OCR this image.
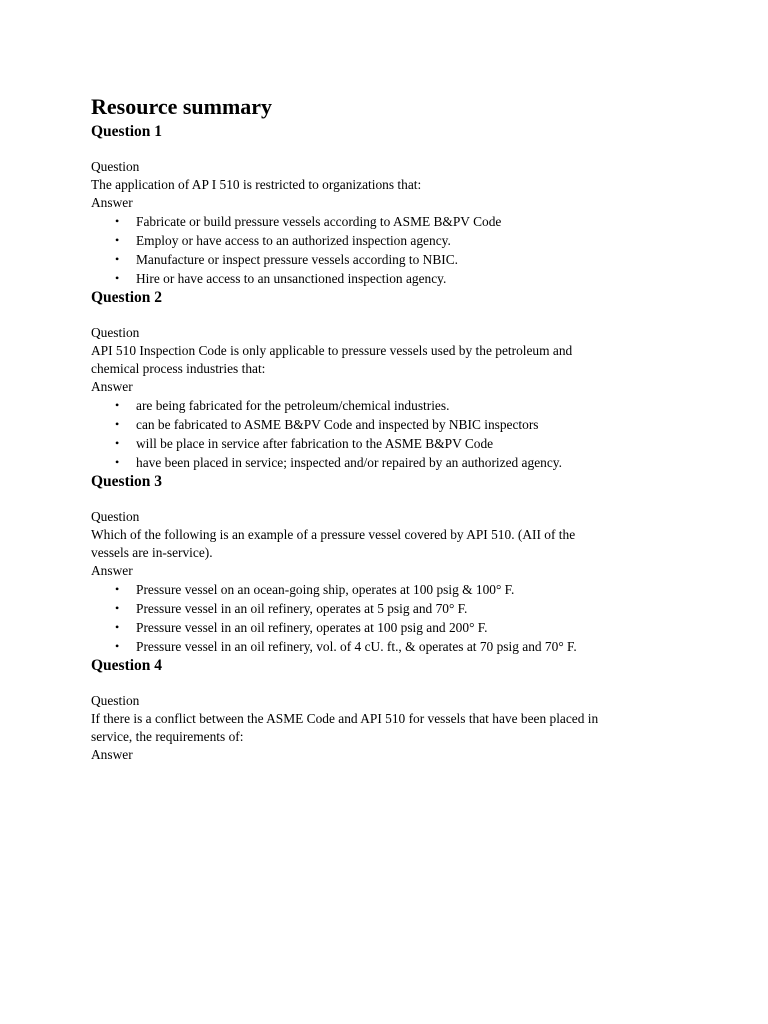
Resource summary
Question 1

Question

The application of AP I 510 is restricted to organizations that:

Answer

• Fabricate or build pressure vessels according to ASME B&PV Code
• Employ or have access to an authorized inspection agency.
• Manufacture or inspect pressure vessels according to NBIC.
• Hire or have access to an unsanctioned inspection agency.
Question 2

Question

API 510 Inspection Code is only applicable to pressure vessels used by the petroleum and

chemical process industries that:

Answer

• are being fabricated for the petroleum/chemical industries.
• can be fabricated to ASME B&PV Code and inspected by NBIC inspectors
• will be place in service after fabrication to the ASME B&PV Code
• have been placed in service; inspected and/or repaired by an authorized agency.
Question 3

Question

Which of the following is an example of a pressure vessel covered by API 510. (AII of the

vessels are in-service).

Answer

• Pressure vessel on an ocean-going ship, operates at 100 psig & 100° F.
• Pressure vessel in an oil refinery, operates at 5 psig and 70° F.
• Pressure vessel in an oil refinery, operates at 100 psig and 200° F.
• Pressure vessel in an oil refinery, vol. of 4 cU. ft., & operates at 70 psig and 70° F.
Question 4

Question

If there is a conflict between the ASME Code and API 510 for vessels that have been placed in

service, the requirements of:

Answer
